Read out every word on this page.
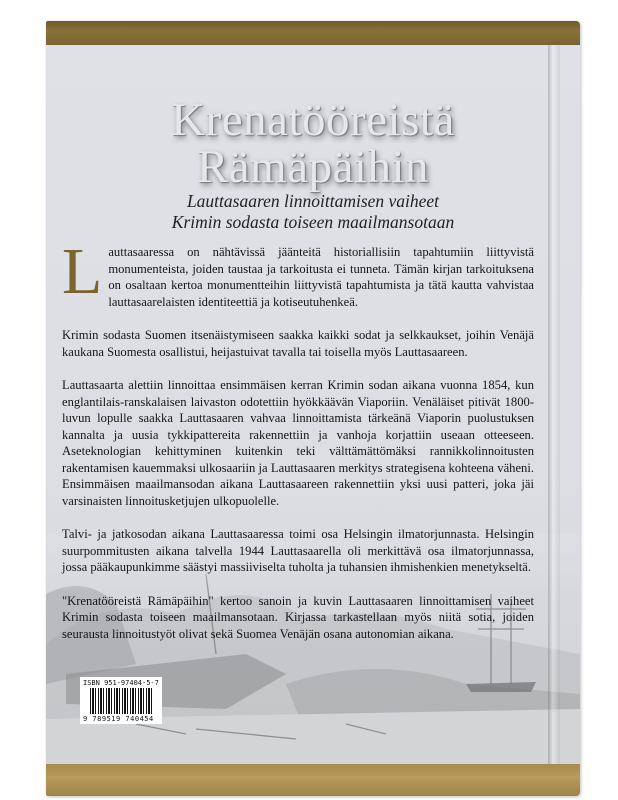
Krenatööreistä
Rämäpäihin
Lauttasaaren linnoittamisen vaiheet
Krimin sodasta toiseen maailmansotaan

Lauttasaaressa on nähtävissä jäänteitä historiallisiin tapahtumiin liittyvistä monumenteista, joiden taustaa ja tarkoitusta ei tunneta. Tämän kirjan tarkoituksena on osaltaan kertoa monumentteihin liittyvistä tapahtumista ja tätä kautta vahvistaa lauttasaarelaisten identiteettiä ja kotiseutuhenkeä.

Krimin sodasta Suomen itsenäistymiseen saakka kaikki sodat ja selkkaukset, joihin Venäjä kaukana Suomesta osallistui, heijastuivat tavalla tai toisella myös Lauttasaareen.

Lauttasaarta alettiin linnoittaa ensimmäisen kerran Krimin sodan aikana vuonna 1854, kun englantilais-ranskalaisen laivaston odotettiin hyökkäävän Viaporiin. Venäläiset pitivät 1800-luvun lopulle saakka Lauttasaaren vahvaa linnoittamista tärkeänä Viaporin puolustuksen kannalta ja uusia tykkipattereita rakennettiin ja vanhoja korjattiin useaan otteeseen. Aseteknologian kehittyminen kuitenkin teki välttämättömäksi rannikkolinnoitusten rakentamisen kauemmaksi ulkosaariin ja Lauttasaaren merkitys strategisena kohteena väheni. Ensimmäisen maailmansodan aikana Lauttasaareen rakennettiin yksi uusi patteri, joka jäi varsinaisten linnoitusketjujen ulkopuolelle.

Talvi- ja jatkosodan aikana Lauttasaaressa toimi osa Helsingin ilmatorjunnasta. Helsingin suurpommitusten aikana talvella 1944 Lauttasaarella oli merkittävä osa ilmatorjunnassa, jossa pääkaupunkimme säästyi massiiviselta tuholta ja tuhansien ihmishenkien menetykseltä.

"Krenatööreistä Rämäpäihin" kertoo sanoin ja kuvin Lauttasaaren linnoittamisen vaiheet Krimin sodasta toiseen maailmansotaan. Kirjassa tarkastellaan myös niitä sotia, joiden seurausta linnoitustyöt olivat sekä Suomea Venäjän osana autonomian aikana.

ISBN 951-97404-5-7
9 789519 740454
